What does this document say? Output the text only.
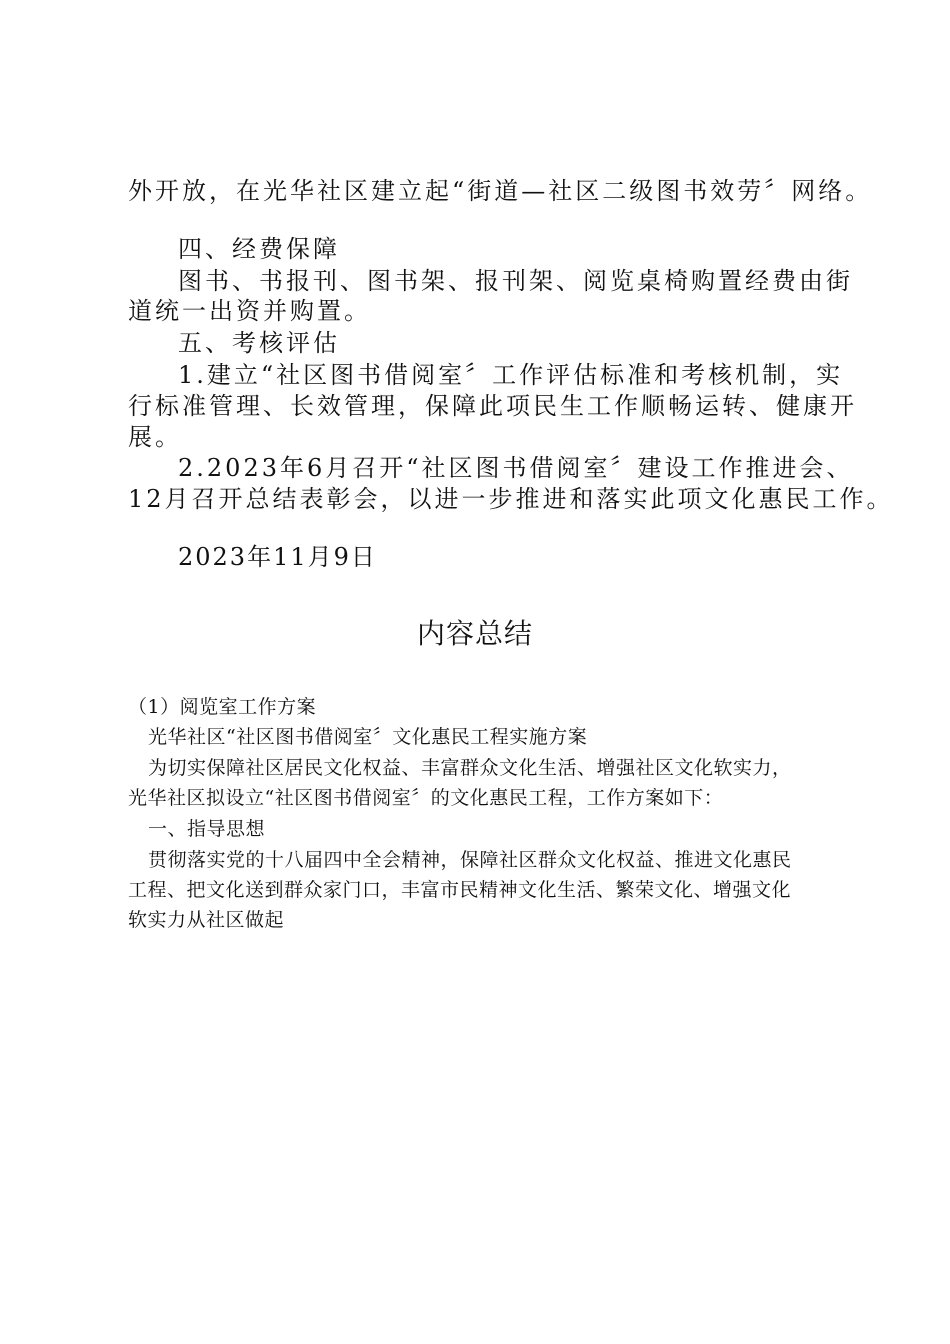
外开放，在光华社区建立起“街道—社区二级图书效劳〞网络。

四、经费保障

图书、书报刊、图书架、报刊架、阅览桌椅购置经费由街

道统一出资并购置。

五、考核评估

1.建立“社区图书借阅室〞工作评估标准和考核机制，实

行标准管理、长效管理，保障此项民生工作顺畅运转、健康开

展。

2.2023年6月召开“社区图书借阅室〞建设工作推进会、

12月召开总结表彰会，以进一步推进和落实此项文化惠民工作。

2023年11月9日

内容总结

（1）阅览室工作方案

光华社区“社区图书借阅室〞文化惠民工程实施方案

为切实保障社区居民文化权益、丰富群众文化生活、增强社区文化软实力，

光华社区拟设立“社区图书借阅室〞的文化惠民工程，工作方案如下：

一、指导思想

贯彻落实党的十八届四中全会精神，保障社区群众文化权益、推进文化惠民

工程、把文化送到群众家门口，丰富市民精神文化生活、繁荣文化、增强文化

软实力从社区做起
